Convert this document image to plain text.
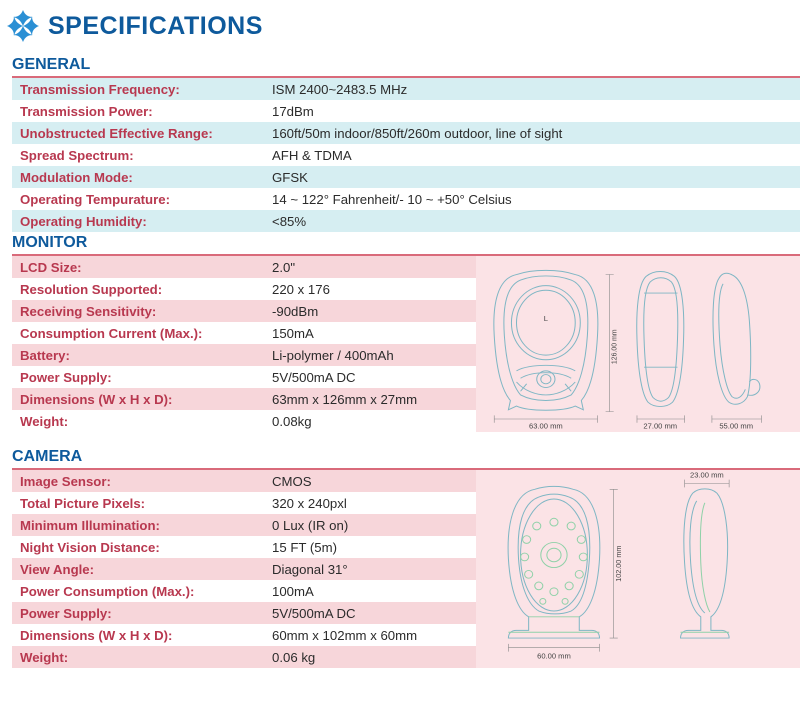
SPECIFICATIONS
GENERAL
Transmission Frequency:	ISM 2400~2483.5 MHz
Transmission Power:	17dBm
Unobstructed Effective Range:	160ft/50m indoor/850ft/260m outdoor, line of sight
Spread Spectrum:	AFH & TDMA
Modulation Mode:	GFSK
Operating Tempurature:	14 ~ 122° Fahrenheit/- 10 ~ +50° Celsius
Operating Humidity:	<85%
MONITOR
LCD Size:	2.0"
Resolution Supported:	220 x 176
Receiving Sensitivity:	-90dBm
Consumption Current (Max.):	150mA
Battery:	Li-polymer / 400mAh
Power Supply:	5V/500mA DC
Dimensions (W x H x D):	63mm x 126mm x 27mm
Weight:	0.08kg
L
126.00 mm
63.00 mm	27.00 mm	55.00 mm
CAMERA
Image Sensor:	CMOS
Total Picture Pixels:	320 x 240pxl
Minimum Illumination:	0 Lux (IR on)
Night Vision Distance:	15 FT (5m)
View Angle:	Diagonal 31°
Power Consumption (Max.):	100mA
Power Supply:	5V/500mA DC
Dimensions (W x H x D):	60mm x 102mm x 60mm
Weight:	0.06 kg
23.00 mm
102.00 mm
60.00 mm
